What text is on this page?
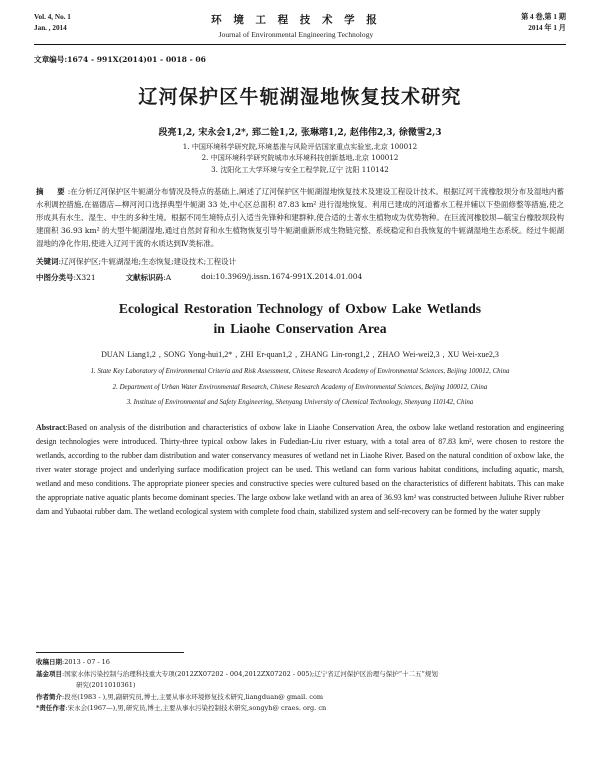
Vol. 4, No. 1
Jan. , 2014
环 境 工 程 技 术 学 报
Journal of Environmental Engineering Technology
第 4 卷,第 1 期
2014 年 1 月
文章编号:1674 - 991X(2014)01 - 0018 - 06
辽河保护区牛轭湖湿地恢复技术研究
段亮1,2, 宋永会1,2*, 郅二铨1,2, 张琳瑢1,2, 赵伟伟2,3, 徐微雪2,3
1. 中国环境科学研究院,环境基准与风险评估国家重点实验室,北京 100012
2. 中国环境科学研究院城市水环境科技创新基地,北京 100012
3. 沈阳化工大学环境与安全工程学院,辽宁 沈阳 110142
摘　要:在分析辽河保护区牛轭湖分布情况及特点的基础上,阐述了辽河保护区牛轭湖湿地恢复技术及建设工程设计技术。根据辽河干流橡胶坝分布及湿地内蓄水利调控措施,在福德店—柳河河口选择典型牛轭湖 33 处,中心区总面积 87.83 km² 进行湿地恢复。利用已建成的河道蓄水工程并辅以下垫面修整等措施,使之形成具有水生、湿生、中生的多种生境。根据不同生境特点引入适当先锋种和建群种,使合适的土著水生植物成为优势物种。在巨流河橡胶坝—毓宝台橡胶坝段构建面积 36.93 km² 的大型牛轭湖湿地,通过自然封育和水生植物恢复引导牛轭湖重新形成生物链完整、系统稳定和自我恢复的牛轭湖湿地生态系统。经过牛轭湖湿地的净化作用,使进入辽河干流的水质达到Ⅳ类标准。
关键词:辽河保护区;牛轭湖湿地;生态恢复;建设技术;工程设计
中图分类号:X321	文献标识码:A	doi:10.3969/j.issn.1674-991X.2014.01.004
Ecological Restoration Technology of Oxbow Lake Wetlands
in Liaohe Conservation Area
DUAN Liang1,2 , SONG Yong-hui1,2* , ZHI Er-quan1,2 , ZHANG Lin-rong1,2 , ZHAO Wei-wei2,3 , XU Wei-xue2,3
1. State Key Laboratory of Environmental Criteria and Risk Assessment, Chinese Research Academy of Environmental Sciences, Beijing 100012, China
2. Department of Urban Water Environmental Research, Chinese Research Academy of Environmental Sciences, Beijing 100012, China
3. Institute of Environmental and Safety Engineering, Shenyang University of Chemical Technology, Shenyang 110142, China
Abstract:Based on analysis of the distribution and characteristics of oxbow lake in Liaohe Conservation Area, the oxbow lake wetland restoration and engineering design technologies were introduced. Thirty-three typical oxbow lakes in Fudedian-Liu river estuary, with a total area of 87.83 km², were chosen to restore the wetlands, according to the rubber dam distribution and water conservancy measures of wetland net in Liaohe River. Based on the natural condition of oxbow lake, the river water storage project and underlying surface modification project can be used. This wetland can form various habitat conditions, including aquatic, marsh, wetland and meso conditions. The appropriate pioneer species and constructive species were cultured based on the characteristics of different habitats. This can make the appropriate native aquatic plants become dominant species. The large oxbow lake wetland with an area of 36.93 km² was constructed between Juliuhe River rubber dam and Yubaotai rubber dam. The wetland ecological system with complete food chain, stabilized system and self-recovery can be formed by the water supply
收稿日期:2013 - 07 - 16
基金项目:国家水体污染控制与治理科技重大专项(2012ZX07202 - 004,2012ZX07202 - 005);辽宁省辽河保护区治理与保护“十二五”规划
研究(2011010361)
作者简介:段亮(1983 - ),男,副研究员,博士,主要从事水环境修复技术研究,liangduan@ gmail. com
*责任作者:宋永会(1967—),男,研究员,博士,主要从事水污染控制技术研究,songyh@ craes. org. cn
